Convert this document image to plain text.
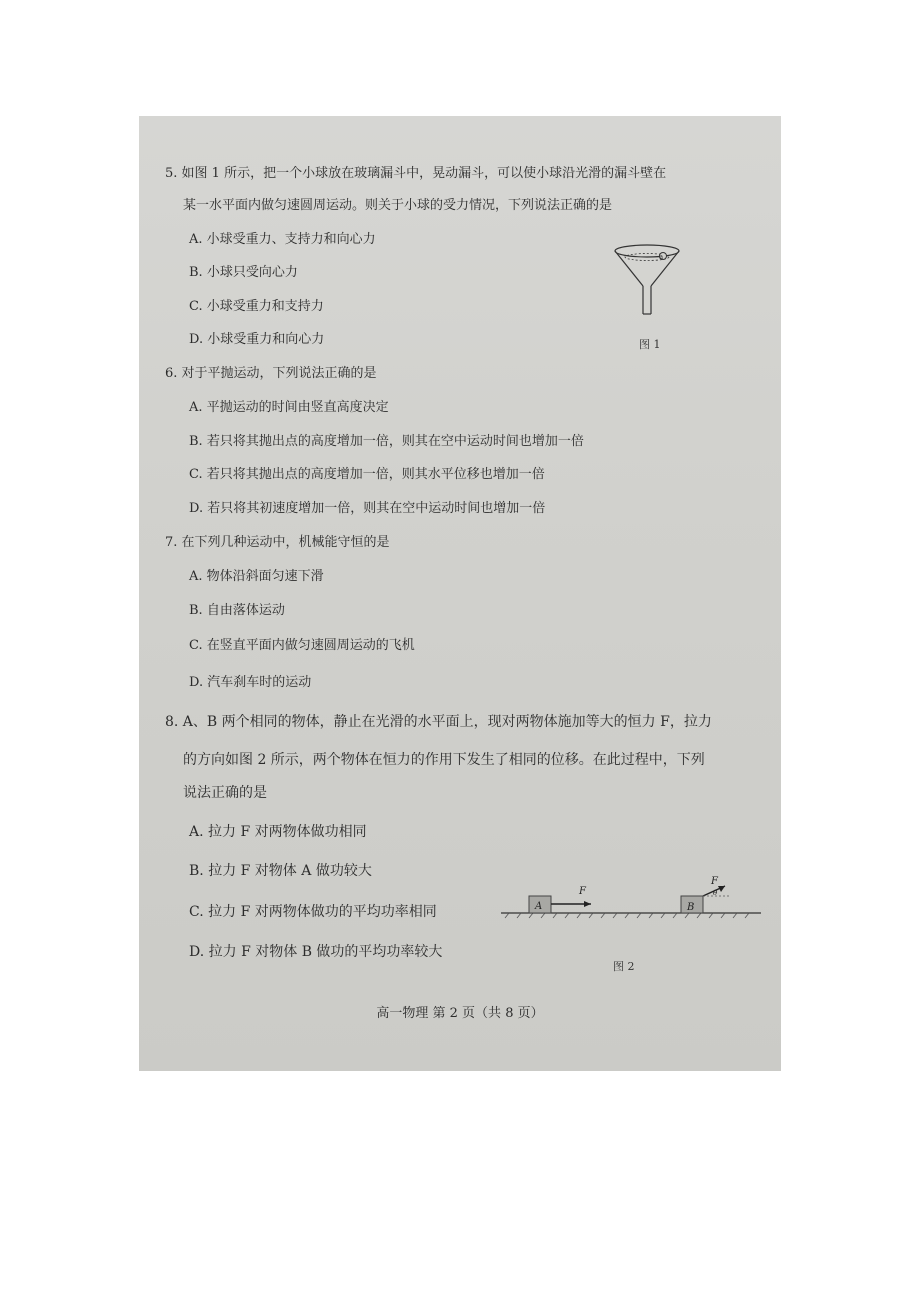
5. 如图 1 所示，把一个小球放在玻璃漏斗中，晃动漏斗，可以使小球沿光滑的漏斗壁在
某一水平面内做匀速圆周运动。则关于小球的受力情况，下列说法正确的是
A. 小球受重力、支持力和向心力
B. 小球只受向心力
C. 小球受重力和支持力
D. 小球受重力和向心力
a
图 1
6. 对于平抛运动，下列说法正确的是
A. 平抛运动的时间由竖直高度决定
B. 若只将其抛出点的高度增加一倍，则其在空中运动时间也增加一倍
C. 若只将其抛出点的高度增加一倍，则其水平位移也增加一倍
D. 若只将其初速度增加一倍，则其在空中运动时间也增加一倍
7. 在下列几种运动中，机械能守恒的是
A. 物体沿斜面匀速下滑
B. 自由落体运动
C. 在竖直平面内做匀速圆周运动的飞机
D. 汽车刹车时的运动
8. A、B 两个相同的物体，静止在光滑的水平面上，现对两物体施加等大的恒力 F，拉力
的方向如图 2 所示，两个物体在恒力的作用下发生了相同的位移。在此过程中，下列
说法正确的是
A. 拉力 F 对两物体做功相同
B. 拉力 F 对物体 A 做功较大
C. 拉力 F 对两物体做功的平均功率相同
D. 拉力 F 对物体 B 做功的平均功率较大
A
F
B
F
θ
图 2
高一物理 第 2 页（共 8 页）
